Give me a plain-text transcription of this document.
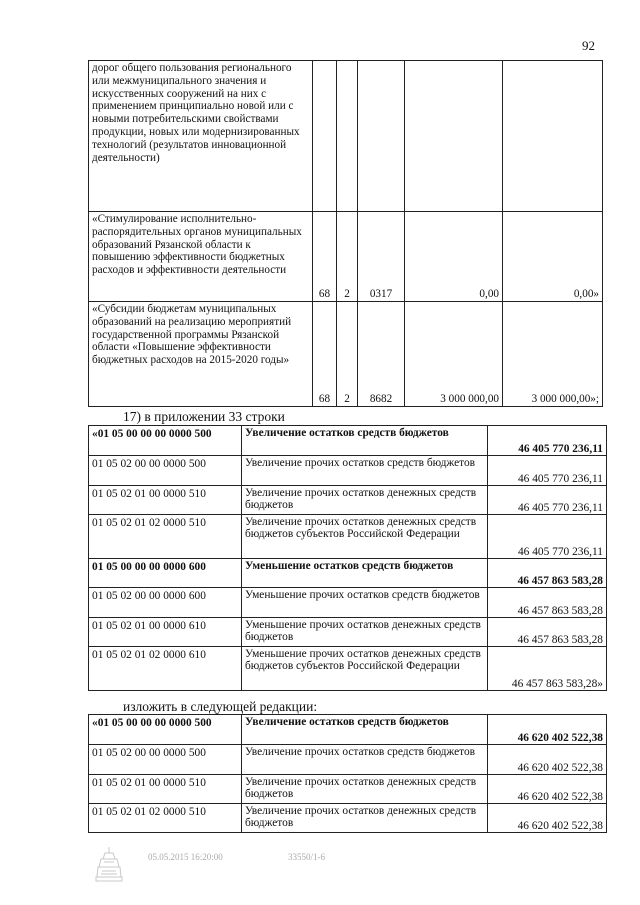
92
дорог общего пользования регионального или межмуниципального значения и искусственных сооружений на них с применением принципиально новой или с новыми потребительскими свойствами продукции, новых или модернизированных технологий (результатов инновационной деятельности)					
«Стимулирование исполнительно-распорядительных органов муниципальных образований Рязанской области к повышению эффективности бюджетных расходов и эффективности деятельности	68	2	0317	0,00	0,00»
«Субсидии бюджетам муниципальных образований на реализацию мероприятий государственной программы Рязанской области «Повышение эффективности бюджетных расходов на 2015-2020 годы»	68	2	8682	3 000 000,00	3 000 000,00»;
17) в приложении 33 строки
«01 05 00 00 00 0000 500	Увеличение остатков средств бюджетов	46 405 770 236,11
01 05 02 00 00 0000 500	Увеличение прочих остатков средств бюджетов	46 405 770 236,11
01 05 02 01 00 0000 510	Увеличение прочих остатков денежных средств бюджетов	46 405 770 236,11
01 05 02 01 02 0000 510	Увеличение прочих остатков денежных средств бюджетов субъектов Российской Федерации	46 405 770 236,11
01 05 00 00 00 0000 600	Уменьшение остатков средств бюджетов	46 457 863 583,28
01 05 02 00 00 0000 600	Уменьшение прочих остатков средств бюджетов	46 457 863 583,28
01 05 02 01 00 0000 610	Уменьшение прочих остатков денежных средств бюджетов	46 457 863 583,28
01 05 02 01 02 0000 610	Уменьшение прочих остатков денежных средств бюджетов субъектов Российской Федерации	46 457 863 583,28»
изложить в следующей редакции:
«01 05 00 00 00 0000 500	Увеличение остатков средств бюджетов	46 620 402 522,38
01 05 02 00 00 0000 500	Увеличение прочих остатков средств бюджетов	46 620 402 522,38
01 05 02 01 00 0000 510	Увеличение прочих остатков денежных средств бюджетов	46 620 402 522,38
01 05 02 01 02 0000 510	Увеличение прочих остатков денежных средств бюджетов	46 620 402 522,38
05.05.2015 16:20:00	33550/1-6
